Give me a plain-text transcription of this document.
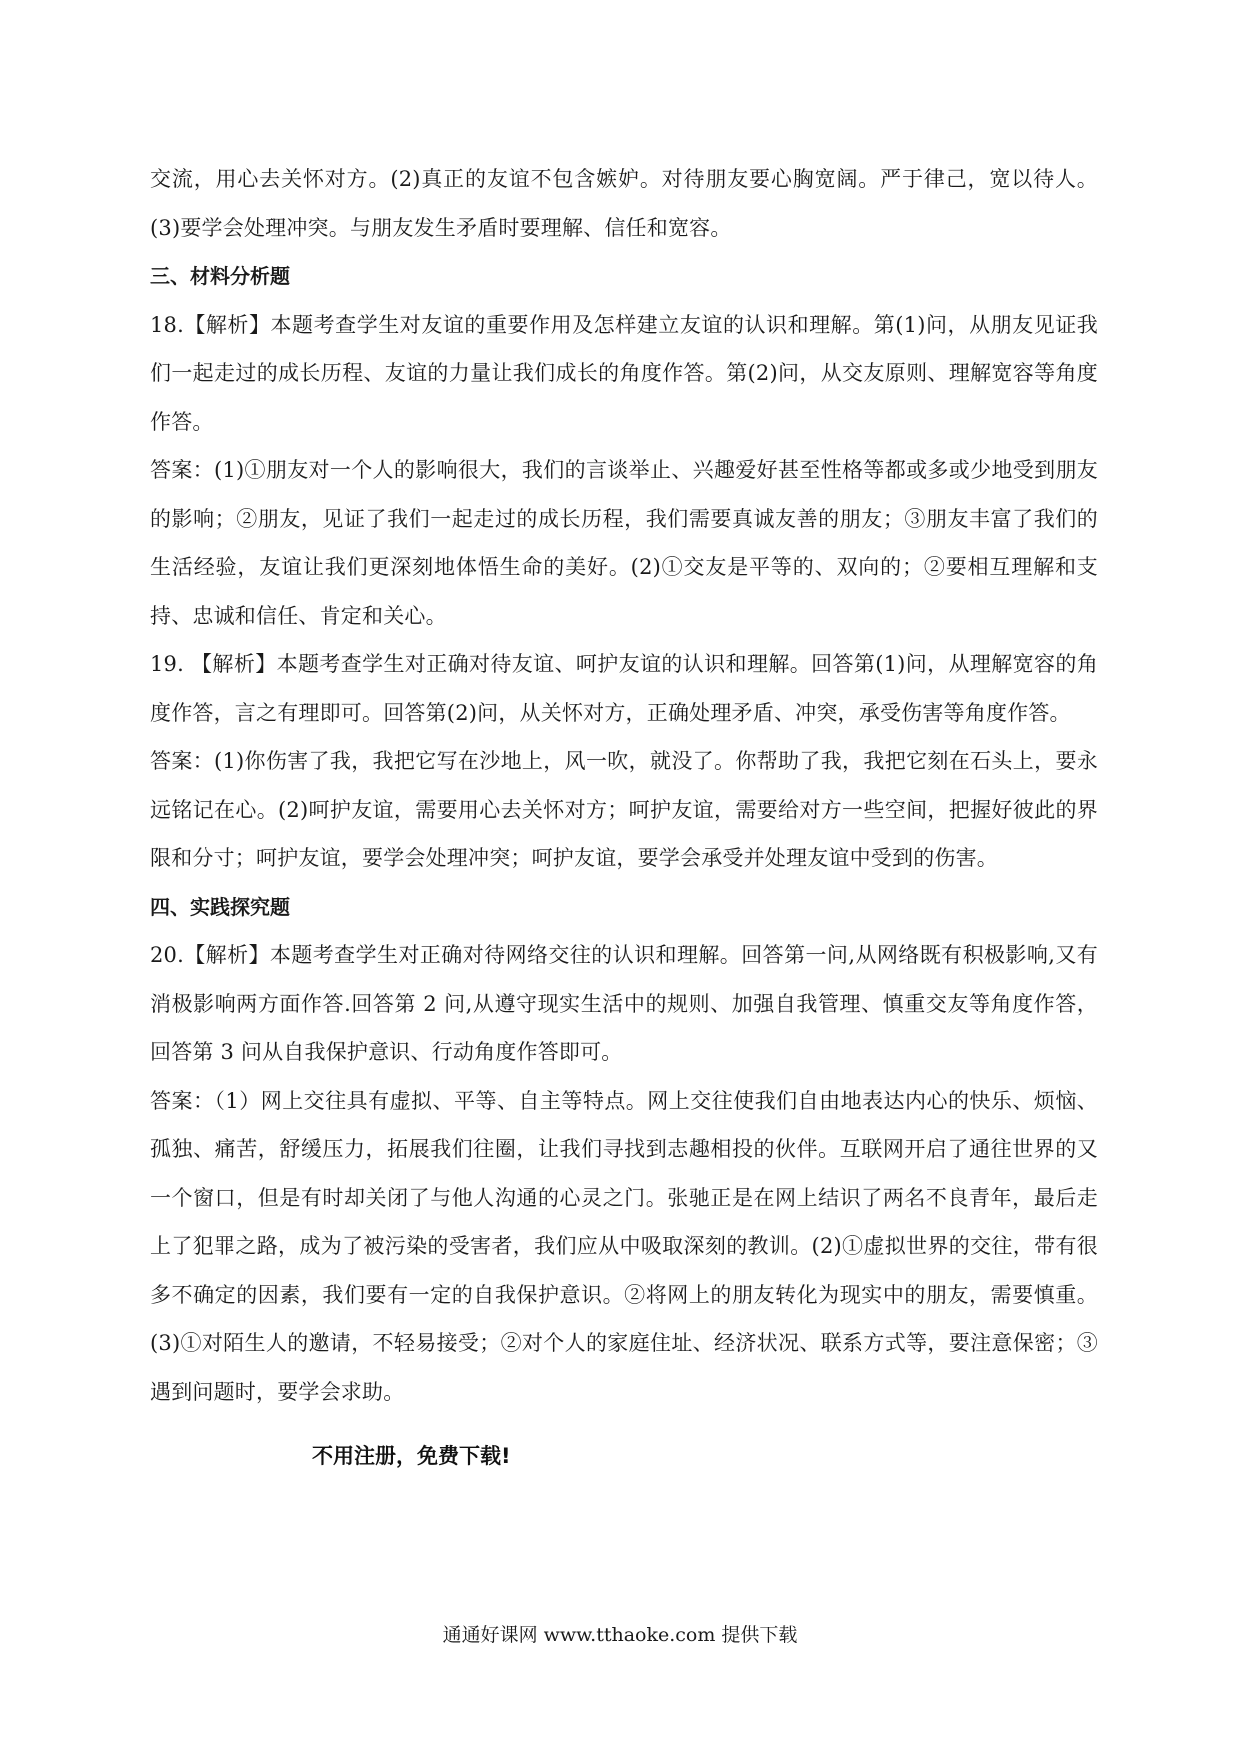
交流，用心去关怀对方。(2)真正的友谊不包含嫉妒。对待朋友要心胸宽阔。严于律己，宽以待人。(3)要学会处理冲突。与朋友发生矛盾时要理解、信任和宽容。

三、材料分析题

18.【解析】本题考查学生对友谊的重要作用及怎样建立友谊的认识和理解。第(1)问，从朋友见证我们一起走过的成长历程、友谊的力量让我们成长的角度作答。第(2)问，从交友原则、理解宽容等角度作答。

答案：(1)①朋友对一个人的影响很大，我们的言谈举止、兴趣爱好甚至性格等都或多或少地受到朋友的影响；②朋友，见证了我们一起走过的成长历程，我们需要真诚友善的朋友；③朋友丰富了我们的生活经验，友谊让我们更深刻地体悟生命的美好。(2)①交友是平等的、双向的；②要相互理解和支持、忠诚和信任、肯定和关心。

19. 【解析】本题考查学生对正确对待友谊、呵护友谊的认识和理解。回答第(1)问，从理解宽容的角度作答，言之有理即可。回答第(2)问，从关怀对方，正确处理矛盾、冲突，承受伤害等角度作答。

答案：(1)你伤害了我，我把它写在沙地上，风一吹，就没了。你帮助了我，我把它刻在石头上，要永远铭记在心。(2)呵护友谊，需要用心去关怀对方；呵护友谊，需要给对方一些空间，把握好彼此的界限和分寸；呵护友谊，要学会处理冲突；呵护友谊，要学会承受并处理友谊中受到的伤害。

四、实践探究题

20.【解析】本题考查学生对正确对待网络交往的认识和理解。回答第一问,从网络既有积极影响,又有消极影响两方面作答.回答第 2 问,从遵守现实生活中的规则、加强自我管理、慎重交友等角度作答，回答第 3 问从自我保护意识、行动角度作答即可。

答案：（1）网上交往具有虚拟、平等、自主等特点。网上交往使我们自由地表达内心的快乐、烦恼、孤独、痛苦，舒缓压力，拓展我们往圈，让我们寻找到志趣相投的伙伴。互联网开启了通往世界的又一个窗口，但是有时却关闭了与他人沟通的心灵之门。张驰正是在网上结识了两名不良青年，最后走上了犯罪之路，成为了被污染的受害者，我们应从中吸取深刻的教训。(2)①虚拟世界的交往，带有很多不确定的因素，我们要有一定的自我保护意识。②将网上的朋友转化为现实中的朋友，需要慎重。(3)①对陌生人的邀请，不轻易接受；②对个人的家庭住址、经济状况、联系方式等，要注意保密；③遇到问题时，要学会求助。

不用注册，免费下载!
通通好课网 www.tthaoke.com 提供下载
